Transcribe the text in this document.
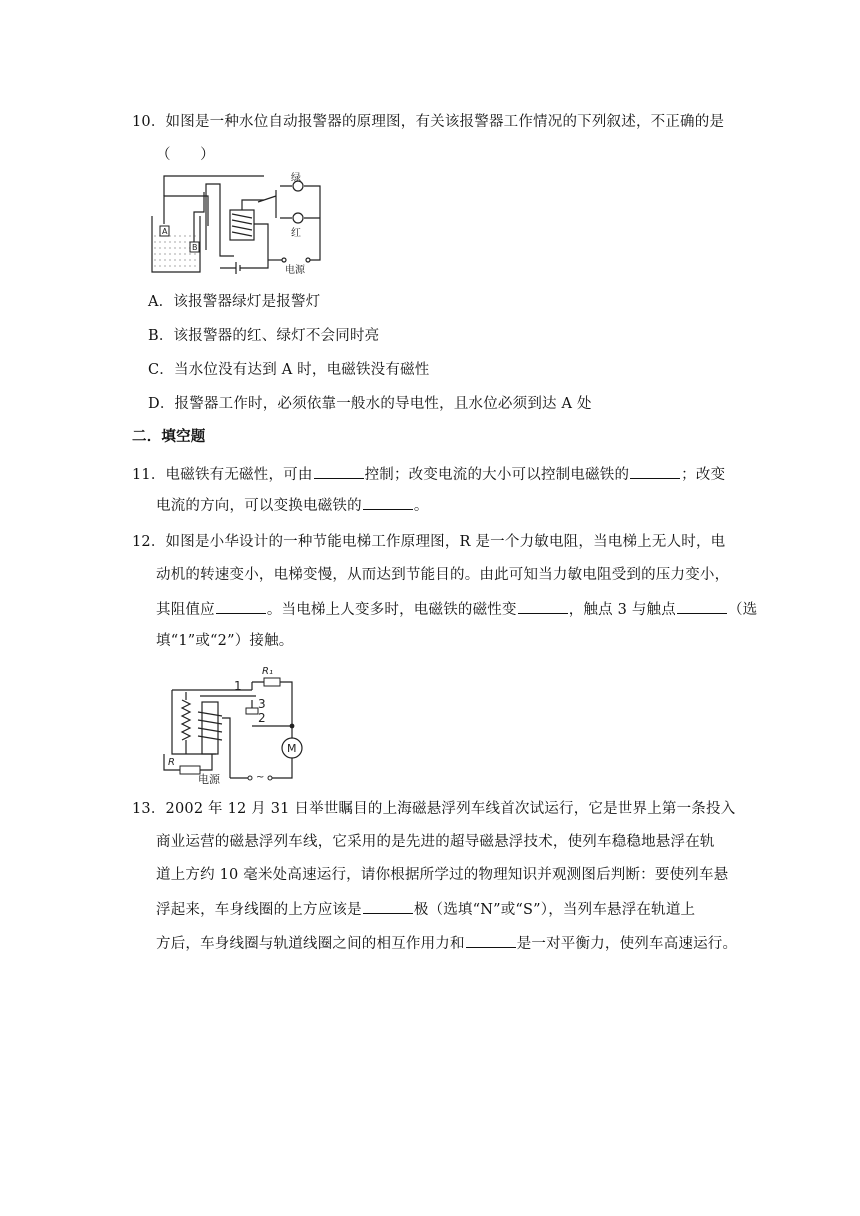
10．如图是一种水位自动报警器的原理图，有关该报警器工作情况的下列叙述，不正确的是
（　　）
A
B
绿
红
电源
A．该报警器绿灯是报警灯
B．该报警器的红、绿灯不会同时亮
C．当水位没有达到 A 时，电磁铁没有磁性
D．报警器工作时，必须依靠一般水的导电性，且水位必须到达 A 处
二．填空题
11．电磁铁有无磁性，可由	控制；改变电流的大小可以控制电磁铁的	；改变
电流的方向，可以变换电磁铁的	。
12．如图是小华设计的一种节能电梯工作原理图，R 是一个力敏电阻，当电梯上无人时，电
动机的转速变小，电梯变慢，从而达到节能目的。由此可知当力敏电阻受到的压力变小，
其阻值应	。当电梯上人变多时，电磁铁的磁性变	，触点 3 与触点	（选
填“1”或“2”）接触。
R₁
1
3
2
M
R
电源	~
13．2002 年 12 月 31 日举世瞩目的上海磁悬浮列车线首次试运行，它是世界上第一条投入
商业运营的磁悬浮列车线，它采用的是先进的超导磁悬浮技术，使列车稳稳地悬浮在轨
道上方约 10 毫米处高速运行，请你根据所学过的物理知识并观测图后判断：要使列车悬
浮起来，车身线圈的上方应该是	极（选填“N”或“S”），当列车悬浮在轨道上
方后，车身线圈与轨道线圈之间的相互作用力和	是一对平衡力，使列车高速运行。
